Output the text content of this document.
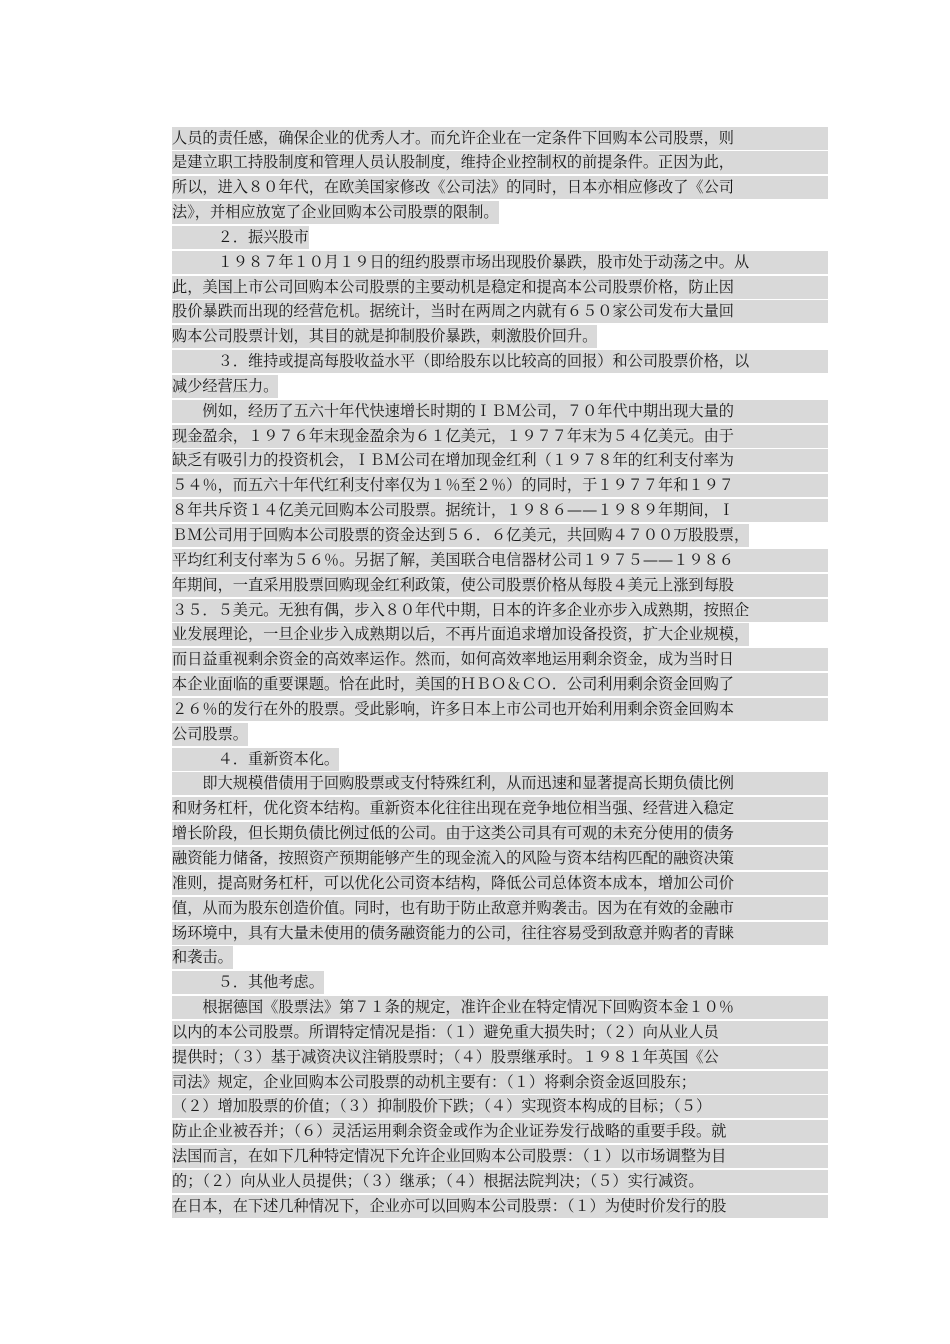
人员的责任感，确保企业的优秀人才。而允许企业在一定条件下回购本公司股票，则
是建立职工持股制度和管理人员认股制度，维持企业控制权的前提条件。正因为此，
所以，进入８０年代，在欧美国家修改《公司法》的同时，日本亦相应修改了《公司
法》，并相应放宽了企业回购本公司股票的限制。
　　　２．振兴股市
　　　１９８７年１０月１９日的纽约股票市场出现股价暴跌，股市处于动荡之中。从
此，美国上市公司回购本公司股票的主要动机是稳定和提高本公司股票价格，防止因
股价暴跌而出现的经营危机。据统计，当时在两周之内就有６５０家公司发布大量回
购本公司股票计划，其目的就是抑制股价暴跌，刺激股价回升。
　　　３．维持或提高每股收益水平（即给股东以比较高的回报）和公司股票价格，以
减少经营压力。
　　例如，经历了五六十年代快速增长时期的ＩＢＭ公司，７０年代中期出现大量的
现金盈余，１９７６年末现金盈余为６１亿美元，１９７７年末为５４亿美元。由于
缺乏有吸引力的投资机会，ＩＢＭ公司在增加现金红利（１９７８年的红利支付率为
５４％，而五六十年代红利支付率仅为１％至２％）的同时，于１９７７年和１９７
８年共斥资１４亿美元回购本公司股票。据统计，１９８６——１９８９年期间，Ｉ
ＢＭ公司用于回购本公司股票的资金达到５６．６亿美元，共回购４７００万股股票，
平均红利支付率为５６％。另据了解，美国联合电信器材公司１９７５——１９８６
年期间，一直采用股票回购现金红利政策，使公司股票价格从每股４美元上涨到每股
３５．５美元。无独有偶，步入８０年代中期，日本的许多企业亦步入成熟期，按照企
业发展理论，一旦企业步入成熟期以后，不再片面追求增加设备投资，扩大企业规模，
而日益重视剩余资金的高效率运作。然而，如何高效率地运用剩余资金，成为当时日
本企业面临的重要课题。恰在此时，美国的ＨＢＯ＆ＣＯ．公司利用剩余资金回购了
２６％的发行在外的股票。受此影响，许多日本上市公司也开始利用剩余资金回购本
公司股票。
　　　４．重新资本化。
　　即大规模借债用于回购股票或支付特殊红利，从而迅速和显著提高长期负债比例
和财务杠杆，优化资本结构。重新资本化往往出现在竞争地位相当强、经营进入稳定
增长阶段，但长期负债比例过低的公司。由于这类公司具有可观的未充分使用的债务
融资能力储备，按照资产预期能够产生的现金流入的风险与资本结构匹配的融资决策
准则，提高财务杠杆，可以优化公司资本结构，降低公司总体资本成本，增加公司价
值，从而为股东创造价值。同时，也有助于防止敌意并购袭击。因为在有效的金融市
场环境中，具有大量未使用的债务融资能力的公司，往往容易受到敌意并购者的青睐
和袭击。
　　　５．其他考虑。
　　根据德国《股票法》第７１条的规定，准许企业在特定情况下回购资本金１０％
以内的本公司股票。所谓特定情况是指：（１）避免重大损失时；（２）向从业人员
提供时；（３）基于减资决议注销股票时；（４）股票继承时。１９８１年英国《公
司法》规定，企业回购本公司股票的动机主要有：（１）将剩余资金返回股东；
（２）增加股票的价值；（３）抑制股价下跌；（４）实现资本构成的目标；（５）
防止企业被吞并；（６）灵活运用剩余资金或作为企业证券发行战略的重要手段。就
法国而言，在如下几种特定情况下允许企业回购本公司股票：（１）以市场调整为目
的；（２）向从业人员提供；（３）继承；（４）根据法院判决；（５）实行减资。
在日本，在下述几种情况下，企业亦可以回购本公司股票：（１）为使时价发行的股
